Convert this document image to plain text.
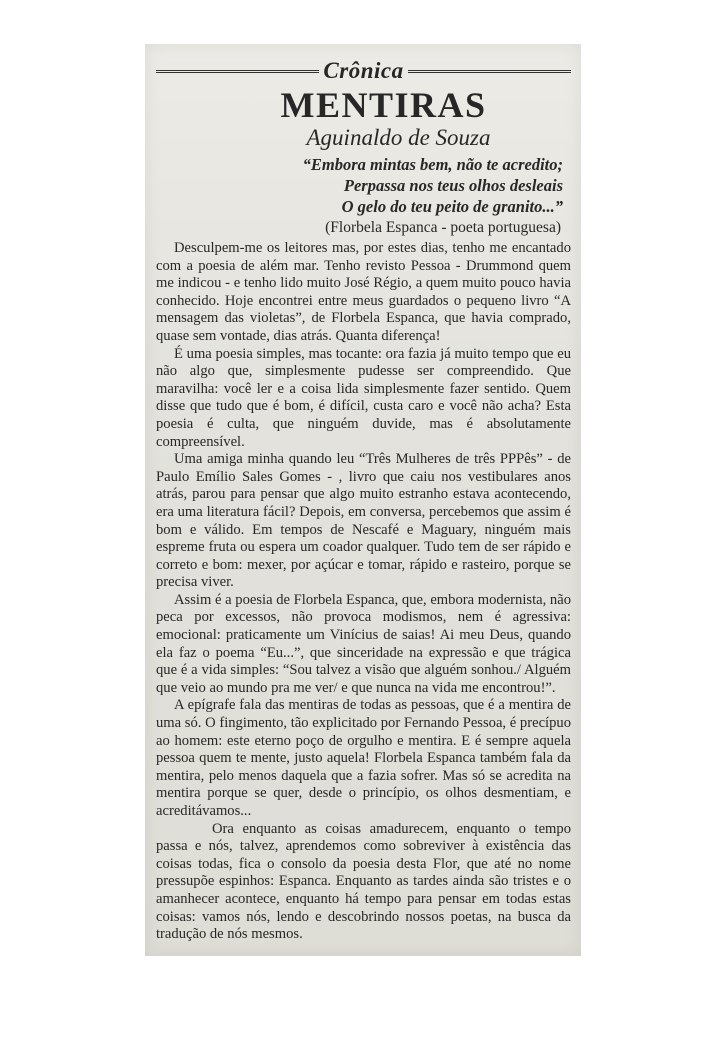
Crônica
MENTIRAS
Aguinaldo de Souza
“Embora mintas bem, não te acredito;
Perpassa nos teus olhos desleais
O gelo do teu peito de granito...”
(Florbela Espanca - poeta portuguesa)

Desculpem-me os leitores mas, por estes dias, tenho me encantado com a poesia de além mar. Tenho revisto Pessoa - Drummond quem me indicou - e tenho lido muito José Régio, a quem muito pouco havia conhecido. Hoje encontrei entre meus guardados o pequeno livro “A mensagem das violetas”, de Florbela Espanca, que havia comprado, quase sem vontade, dias atrás. Quanta diferença!

É uma poesia simples, mas tocante: ora fazia já muito tempo que eu não algo que, simplesmente pudesse ser compreendido. Que maravilha: você ler e a coisa lida simplesmente fazer sentido. Quem disse que tudo que é bom, é difícil, custa caro e você não acha? Esta poesia é culta, que ninguém duvide, mas é absolutamente compreensível.

Uma amiga minha quando leu “Três Mulheres de três PPPês” - de Paulo Emílio Sales Gomes - , livro que caiu nos vestibulares anos atrás, parou para pensar que algo muito estranho estava acontecendo, era uma literatura fácil? Depois, em conversa, percebemos que assim é bom e válido. Em tempos de Nescafé e Maguary, ninguém mais espreme fruta ou espera um coador qualquer. Tudo tem de ser rápido e correto e bom: mexer, por açúcar e tomar, rápido e rasteiro, porque se precisa viver.

Assim é a poesia de Florbela Espanca, que, embora modernista, não peca por excessos, não provoca modismos, nem é agressiva: emocional: praticamente um Vinícius de saias! Ai meu Deus, quando ela faz o poema “Eu...”, que sinceridade na expressão e que trágica que é a vida simples: “Sou talvez a visão que alguém sonhou./ Alguém que veio ao mundo pra me ver/ e que nunca na vida me encontrou!”.

A epígrafe fala das mentiras de todas as pessoas, que é a mentira de uma só. O fingimento, tão explicitado por Fernando Pessoa, é precípuo ao homem: este eterno poço de orgulho e mentira. E é sempre aquela pessoa quem te mente, justo aquela! Florbela Espanca também fala da mentira, pelo menos daquela que a fazia sofrer. Mas só se acredita na mentira porque se quer, desde o princípio, os olhos desmentiam, e acreditávamos...

Ora enquanto as coisas amadurecem, enquanto o tempo passa e nós, talvez, aprendemos como sobreviver à existência das coisas todas, fica o consolo da poesia desta Flor, que até no nome pressupõe espinhos: Espanca. Enquanto as tardes ainda são tristes e o amanhecer acontece, enquanto há tempo para pensar em todas estas coisas: vamos nós, lendo e descobrindo nossos poetas, na busca da tradução de nós mesmos.
